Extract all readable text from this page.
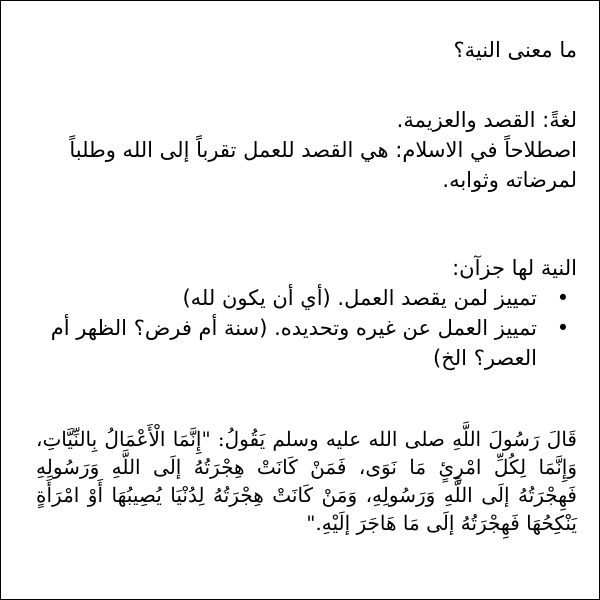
ما معنى النية؟

لغةً: القصد والعزيمة.

اصطلاحاً في الاسلام: هي القصد للعمل تقرباً إلى الله وطلباً لمرضاته وثوابه.

النية لها جزآن:

•
تمييز لمن يقصد العمل. (أي أن يكون لله)
•
تمييز العمل عن غيره وتحديده. (سنة أم فرض؟ الظهر أم العصر؟ الخ)

قَالَ رَسُولَ اللَّهِ صلى الله عليه وسلم يَقُولُ: "إِنَّمَا الْأَعْمَالُ بِالنِّيَّاتِ، وَإِنَّمَا لِكُلِّ امْرِئٍ مَا نَوَى، فَمَنْ كَانَتْ هِجْرَتُهُ إلَى اللَّهِ وَرَسُولِهِ فَهِجْرَتُهُ إلَى اللَّهِ وَرَسُولِهِ، وَمَنْ كَانَتْ هِجْرَتُهُ لِدُنْيَا يُصِيبُهَا أَوْ امْرَأَةٍ يَنْكِحُهَا فَهِجْرَتُهُ إلَى مَا هَاجَرَ إلَيْهِ."
